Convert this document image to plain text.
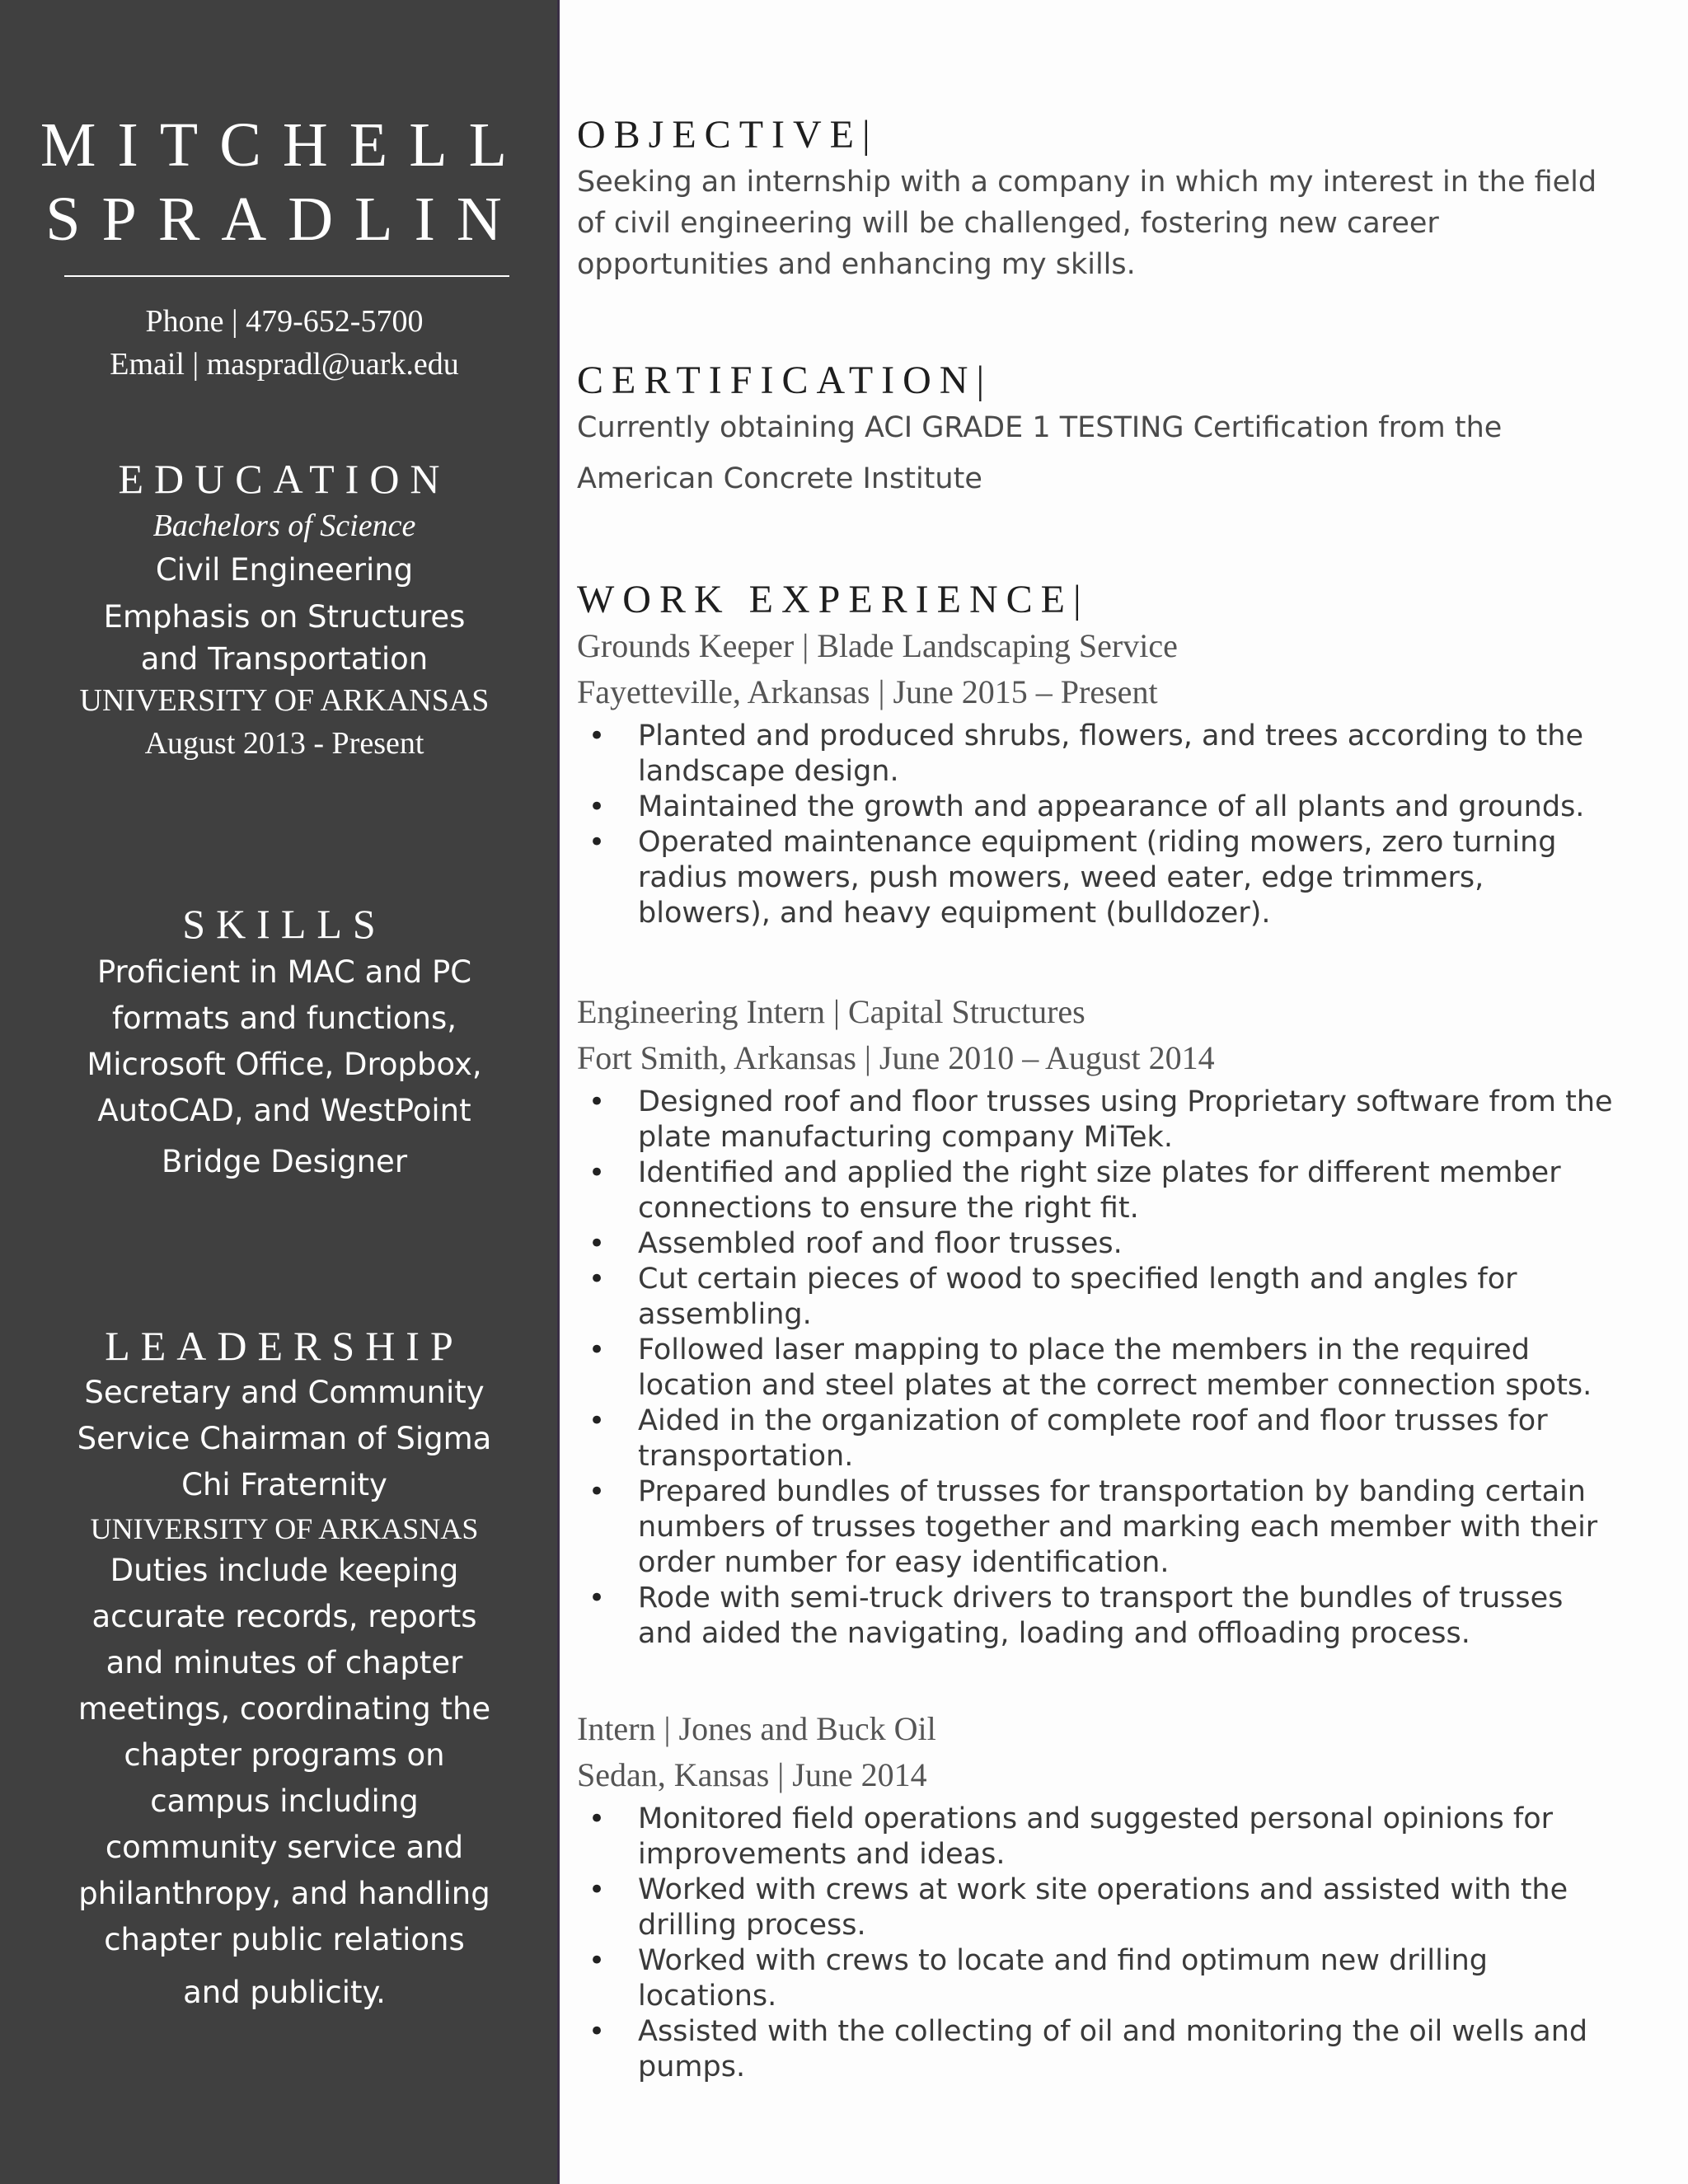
MITCHELL
SPRADLIN
Phone | 479-652-5700
Email | maspradl@uark.edu
EDUCATION
Bachelors of Science
Civil Engineering
Emphasis on Structures and Transportation
UNIVERSITY OF ARKANSAS
August 2013 - Present
SKILLS
Proficient in MAC and PC formats and functions, Microsoft Office, Dropbox, AutoCAD, and WestPoint
Bridge Designer
LEADERSHIP
Secretary and Community Service Chairman of Sigma Chi Fraternity
UNIVERSITY OF ARKASNAS
Duties include keeping accurate records, reports and minutes of chapter meetings, coordinating the chapter programs on campus including community service and philanthropy, and handling chapter public relations
and publicity.
OBJECTIVE|
Seeking an internship with a company in which my interest in the field of civil engineering will be challenged, fostering new career opportunities and enhancing my skills.
CERTIFICATION|
Currently obtaining ACI GRADE 1 TESTING Certification from the American Concrete Institute
WORK EXPERIENCE|
Grounds Keeper | Blade Landscaping Service
Fayetteville, Arkansas | June 2015 – Present
• Planted and produced shrubs, flowers, and trees according to the landscape design.
• Maintained the growth and appearance of all plants and grounds.
• Operated maintenance equipment (riding mowers, zero turning radius mowers, push mowers, weed eater, edge trimmers, blowers), and heavy equipment (bulldozer).
Engineering Intern | Capital Structures
Fort Smith, Arkansas | June 2010 – August 2014
• Designed roof and floor trusses using Proprietary software from the plate manufacturing company MiTek.
• Identified and applied the right size plates for different member connections to ensure the right fit.
• Assembled roof and floor trusses.
• Cut certain pieces of wood to specified length and angles for assembling.
• Followed laser mapping to place the members in the required location and steel plates at the correct member connection spots.
• Aided in the organization of complete roof and floor trusses for transportation.
• Prepared bundles of trusses for transportation by banding certain numbers of trusses together and marking each member with their order number for easy identification.
• Rode with semi-truck drivers to transport the bundles of trusses and aided the navigating, loading and offloading process.
Intern | Jones and Buck Oil
Sedan, Kansas | June 2014
• Monitored field operations and suggested personal opinions for improvements and ideas.
• Worked with crews at work site operations and assisted with the drilling process.
• Worked with crews to locate and find optimum new drilling locations.
• Assisted with the collecting of oil and monitoring the oil wells and pumps.
